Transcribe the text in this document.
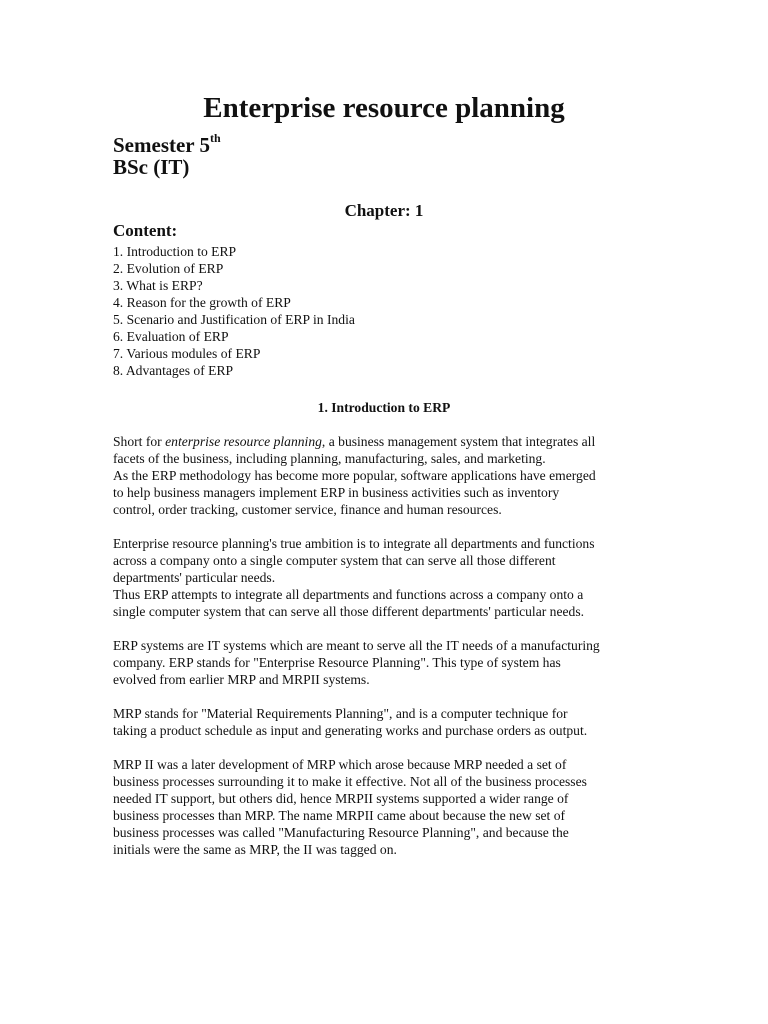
Enterprise resource planning
Semester 5th
BSc (IT)
Chapter: 1
Content:
1. Introduction to ERP
2. Evolution of ERP
3. What is ERP?
4. Reason for the growth of ERP
5. Scenario and Justification of ERP in India
6. Evaluation of ERP
7. Various modules of ERP
8. Advantages of ERP
1. Introduction to ERP
Short for enterprise resource planning, a business management system that integrates all
facets of the business, including planning, manufacturing, sales, and marketing.
As the ERP methodology has become more popular, software applications have emerged
to help business managers implement ERP in business activities such as inventory
control, order tracking, customer service, finance and human resources.
Enterprise resource planning's true ambition is to integrate all departments and functions
across a company onto a single computer system that can serve all those different
departments' particular needs.
Thus ERP attempts to integrate all departments and functions across a company onto a
single computer system that can serve all those different departments' particular needs.
ERP systems are IT systems which are meant to serve all the IT needs of a manufacturing
company. ERP stands for "Enterprise Resource Planning". This type of system has
evolved from earlier MRP and MRPII systems.
MRP stands for "Material Requirements Planning", and is a computer technique for
taking a product schedule as input and generating works and purchase orders as output.
MRP II was a later development of MRP which arose because MRP needed a set of
business processes surrounding it to make it effective. Not all of the business processes
needed IT support, but others did, hence MRPII systems supported a wider range of
business processes than MRP. The name MRPII came about because the new set of
business processes was called "Manufacturing Resource Planning", and because the
initials were the same as MRP, the II was tagged on.
